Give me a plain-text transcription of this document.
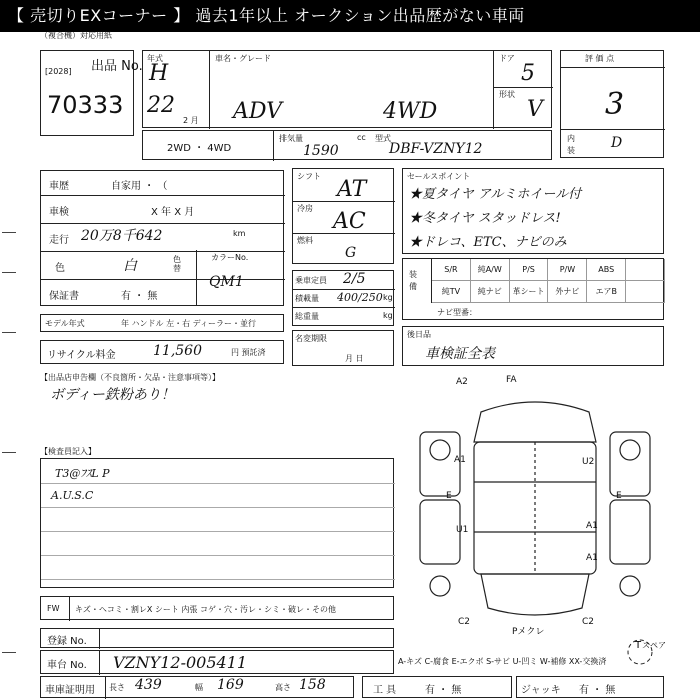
【 売切りEXコーナー 】 過去1年以上 オークション出品歴がない車両
（複合機）対応用紙
出品 No.
[2028]
70333
年式
H
22
2 月
車名・グレード
ADV	4WD
ドア
5
形状
V
評 価 点
3
内
装	D
2WD ・ 4WD
排気量
1590
cc 型式
DBF-VZNY12
車歴	自家用 ・ （
車検	X 年 X 月
走行 20万8千642	km
色	白	色替
保証書	有 ・ 無
カラーNo.
QM1
モデル年式	年 ハンドル 左・右 ディーラー・並行
リサイクル料金	11,560	円 預託済
シフト
AT
冷房
AC
燃料
G
乗車定員 2/5
積載量 400/250 kg
総重量	kg
名変期限
月 日
セールスポイント
★夏タイヤ アルミホイール付
★冬タイヤ スタッドレス!
★ドレコ、ETC、ナビのみ
装備
S/R	純A/W	P/S	P/W	ABS
純TV	純ナビ	革シート	外ナビ	エアB
ナビ型番：
後日品
車検証全表
【出品店申告欄（不良箇所・欠品・注意事項等）】
ボディー鉄粉あり！
【検査員記入】
T3@ﾌｽL P
A.U.S.C
A2	FA
A1	U2
E	E
U1	A1
A1
C2	C2
Pメクレ
T スペア
FW キズ・ヘコミ・割レX シート 内張 コゲ・穴・汚レ・シミ・破レ・その他
登録 No.
車台 No. VZNY12-005411	A-キズ C-腐食 E-エクボ S-サビ U-凹ミ W-補修 XX-交換済
車庫証明用 長さ 439	幅 169	高さ 158	工 具	有 ・ 無	ジャッキ 有 ・ 無
